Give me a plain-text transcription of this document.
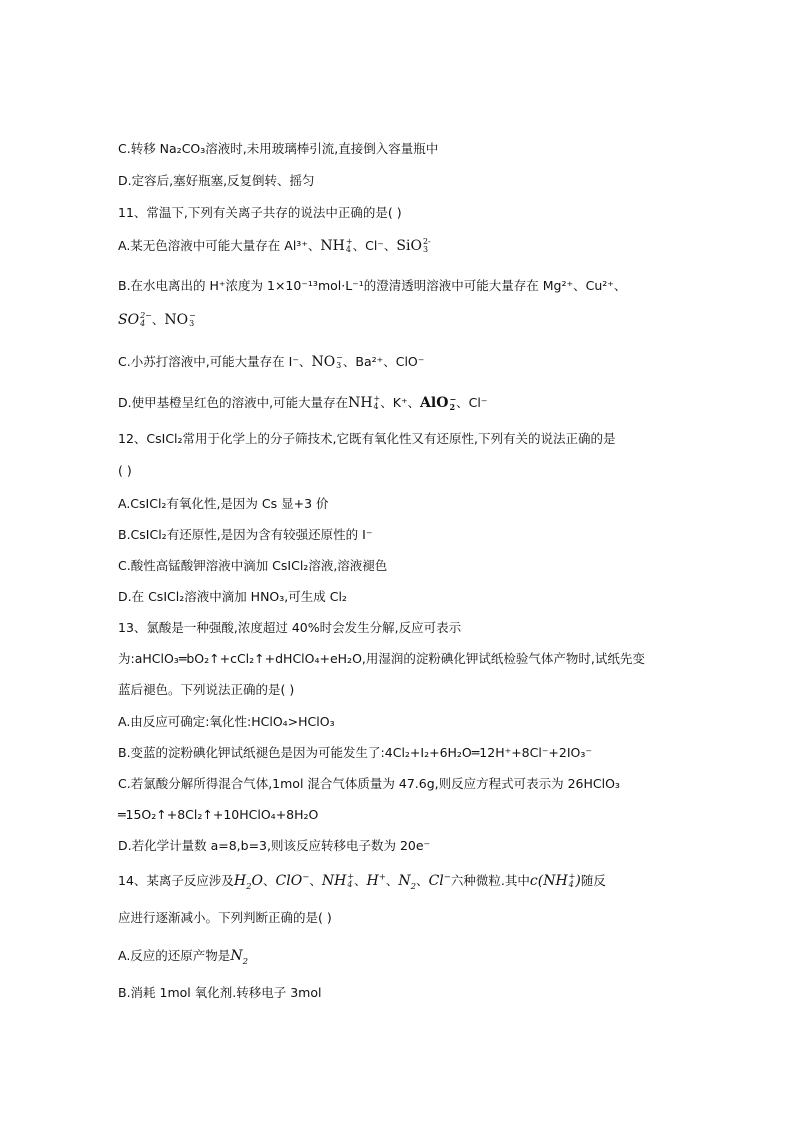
C.转移 Na₂CO₃溶液时,未用玻璃棒引流,直接倒入容量瓶中
D.定容后,塞好瓶塞,反复倒转、摇匀
11、常温下,下列有关离子共存的说法中正确的是( )
A.某无色溶液中可能大量存在 Al³⁺、NH +
4 、Cl⁻、SiO 2-
3
B.在水电离出的 H⁺浓度为 1×10⁻¹³mol·L⁻¹的澄清透明溶液中可能大量存在 Mg²⁺、Cu²⁺、
SO 2−
4 、NO −
3
C.小苏打溶液中,可能大量存在 I⁻、NO −
3 、Ba²⁺、ClO⁻
D.使甲基橙呈红色的溶液中,可能大量存在NH +
4 、K⁺、AlO −
2 、Cl⁻
12、CsICl₂常用于化学上的分子筛技术,它既有氧化性又有还原性,下列有关的说法正确的是
( )
A.CsICl₂有氧化性,是因为 Cs 显+3 价
B.CsICl₂有还原性,是因为含有较强还原性的 I⁻
C.酸性高锰酸钾溶液中滴加 CsICl₂溶液,溶液褪色
D.在 CsICl₂溶液中滴加 HNO₃,可生成 Cl₂
13、氯酸是一种强酸,浓度超过 40%时会发生分解,反应可表示
为:aHClO₃═bO₂↑+cCl₂↑+dHClO₄+eH₂O,用湿润的淀粉碘化钾试纸检验气体产物时,试纸先变
蓝后褪色。下列说法正确的是( )
A.由反应可确定:氧化性:HClO₄>HClO₃
B.变蓝的淀粉碘化钾试纸褪色是因为可能发生了:4Cl₂+I₂+6H₂O═12H⁺+8Cl⁻+2IO₃⁻
C.若氯酸分解所得混合气体,1mol 混合气体质量为 47.6g,则反应方程式可表示为 26HClO₃
═15O₂↑+8Cl₂↑+10HClO₄+8H₂O
D.若化学计量数 a=8,b=3,则该反应转移电子数为 20e⁻
14、某离子反应涉及$H_2O$、ClO−、NH +
4 、H+、$N_2$、Cl−六种微粒.其中c(NH +
4 )随反
应进行逐渐减小。下列判断正确的是( )
A.反应的还原产物是$N_2$
B.消耗 1mol 氧化剂.转移电子 3mol
